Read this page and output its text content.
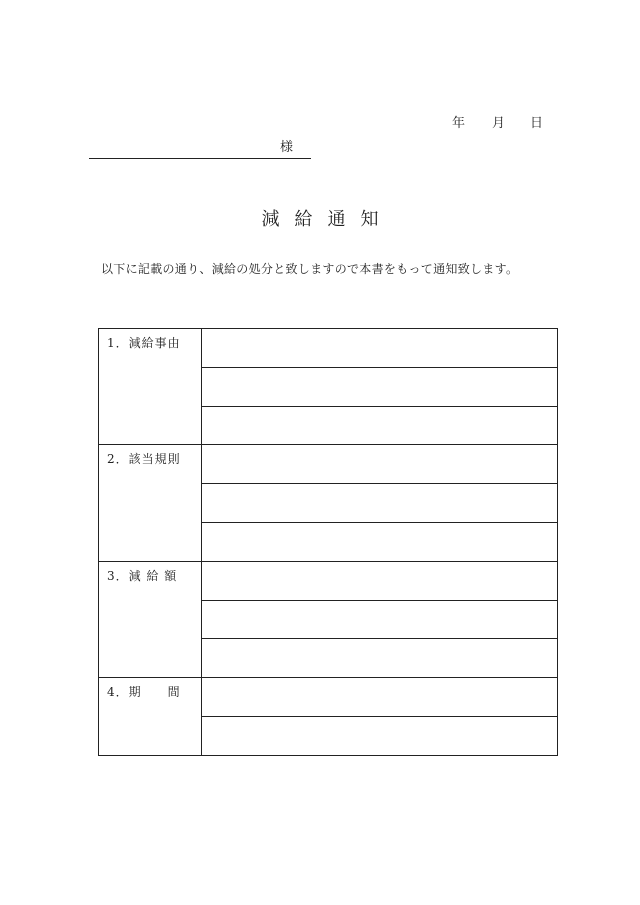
年 月 日
様
減給通知
以下に記載の通り、減給の処分と致しますので本書をもって通知致します。
1．減給事由	

2．該当規則	

3．減 給 額	

4．期　　間	
